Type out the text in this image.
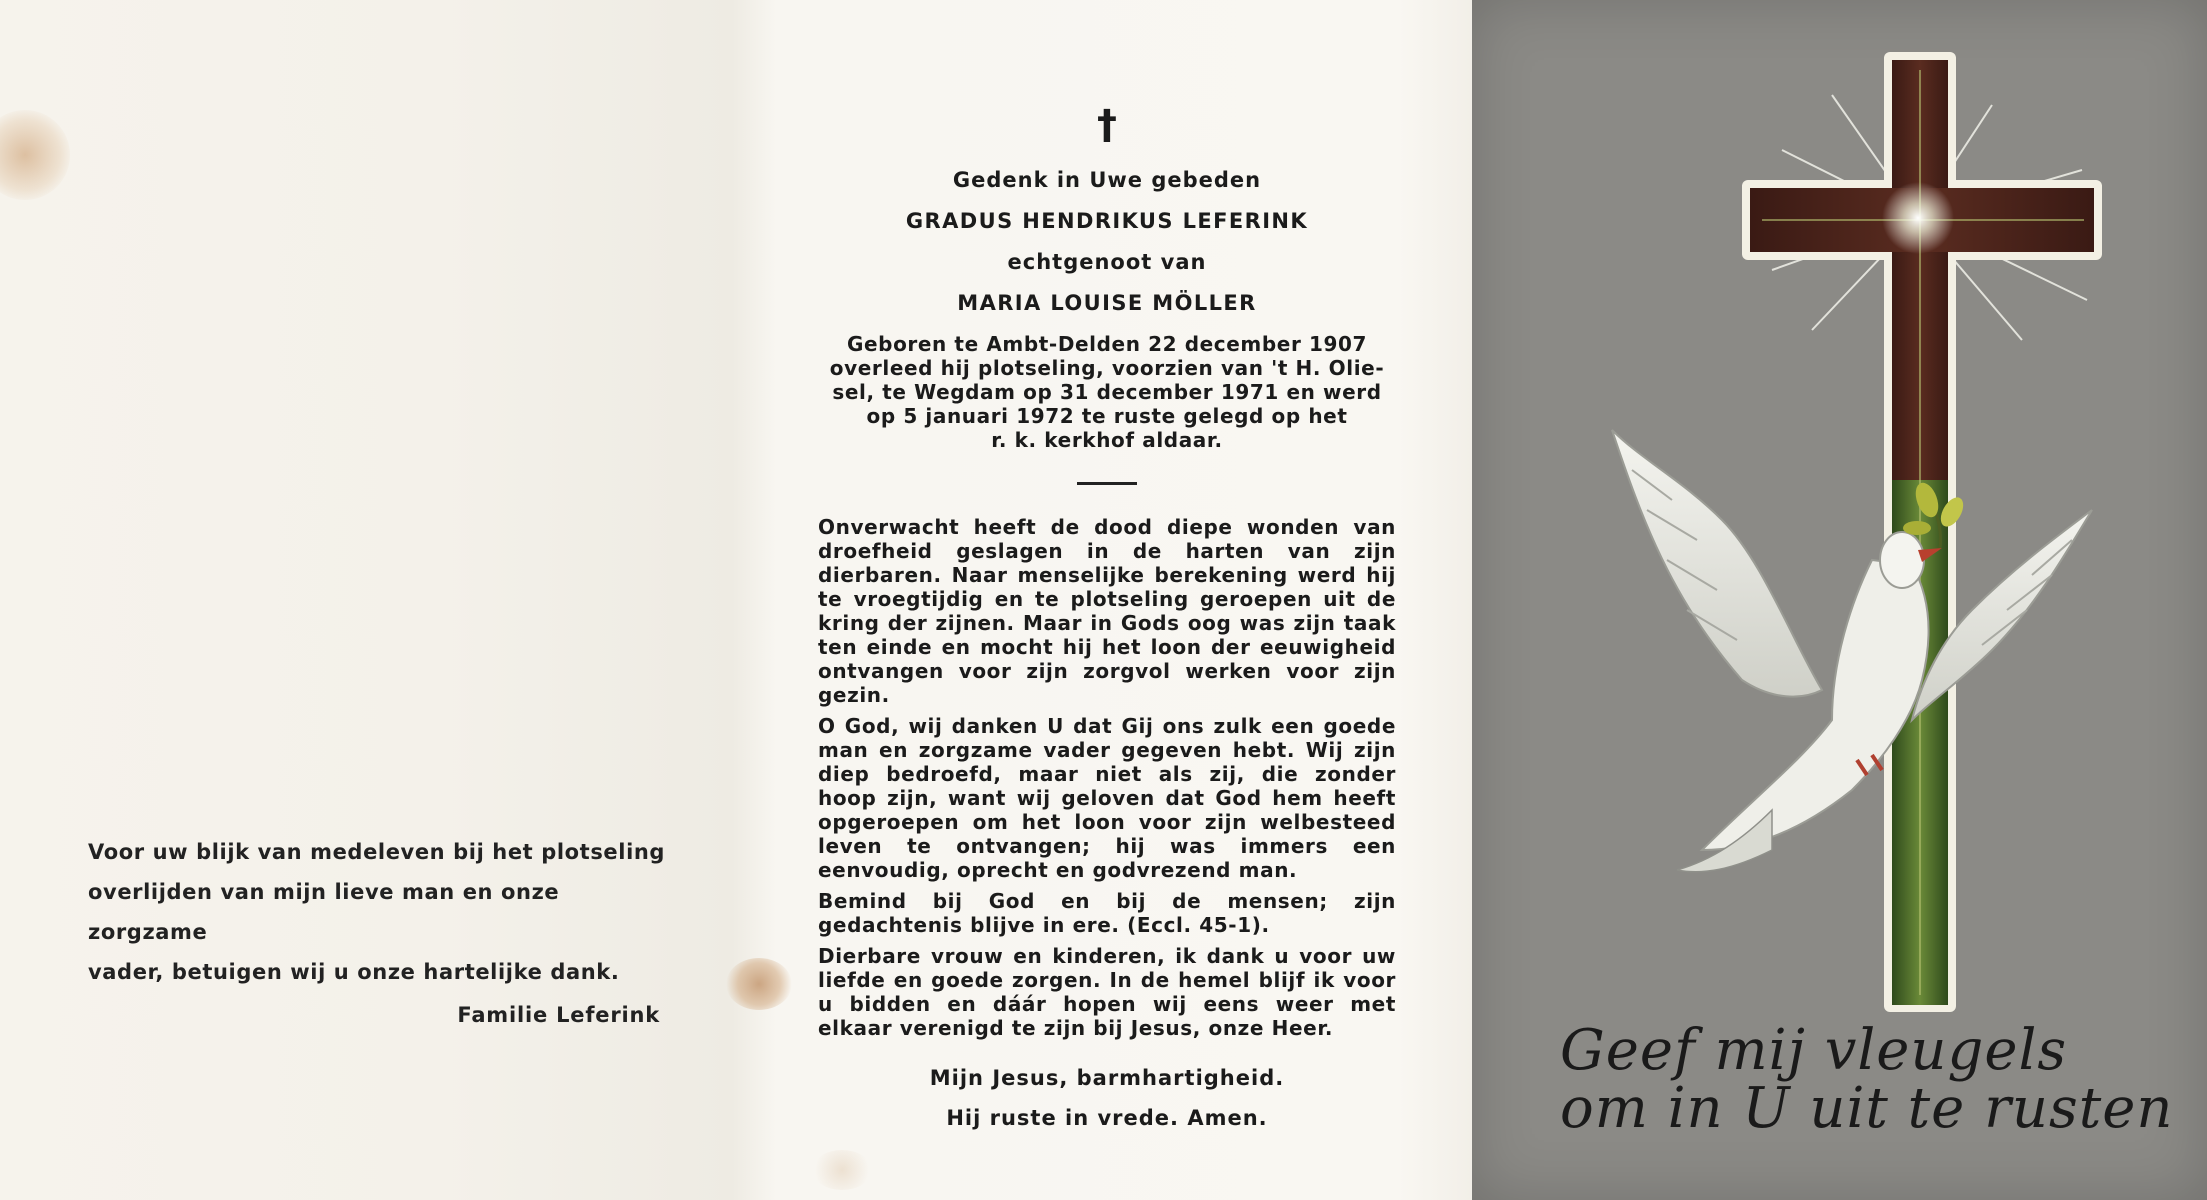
Voor uw blijk van medeleven bij het plotseling

overlijden van mijn lieve man en onze zorgzame

vader, betuigen wij u onze hartelijke dank.

Familie Leferink
†
Gedenk in Uwe gebeden
GRADUS HENDRIKUS LEFERINK
echtgenoot van
MARIA LOUISE MÖLLER

Geboren te Ambt-Delden 22 december 1907

overleed hij plotseling, voorzien van 't H. Olie-

sel, te Wegdam op 31 december 1971 en werd

op 5 januari 1972 te ruste gelegd op het

r. k. kerkhof aldaar.

Onverwacht heeft de dood diepe wonden van droefheid geslagen in de harten van zijn dierbaren. Naar menselijke berekening werd hij te vroegtijdig en te plotseling geroepen uit de kring der zijnen. Maar in Gods oog was zijn taak ten einde en mocht hij het loon der eeuwigheid ontvangen voor zijn zorgvol werken voor zijn gezin.

O God, wij danken U dat Gij ons zulk een goede man en zorgzame vader gegeven hebt. Wij zijn diep bedroefd, maar niet als zij, die zonder hoop zijn, want wij geloven dat God hem heeft opgeroepen om het loon voor zijn welbesteed leven te ontvangen; hij was immers een eenvoudig, oprecht en godvrezend man.

Bemind bij God en bij de mensen; zijn gedachtenis blijve in ere. (Eccl. 45-1).

Dierbare vrouw en kinderen, ik dank u voor uw liefde en goede zorgen. In de hemel blijf ik voor u bidden en dáár hopen wij eens weer met elkaar verenigd te zijn bij Jesus, onze Heer.

Mijn Jesus, barmhartigheid.
Hij ruste in vrede. Amen.
Geef mij vleugels
om in U uit te rusten
